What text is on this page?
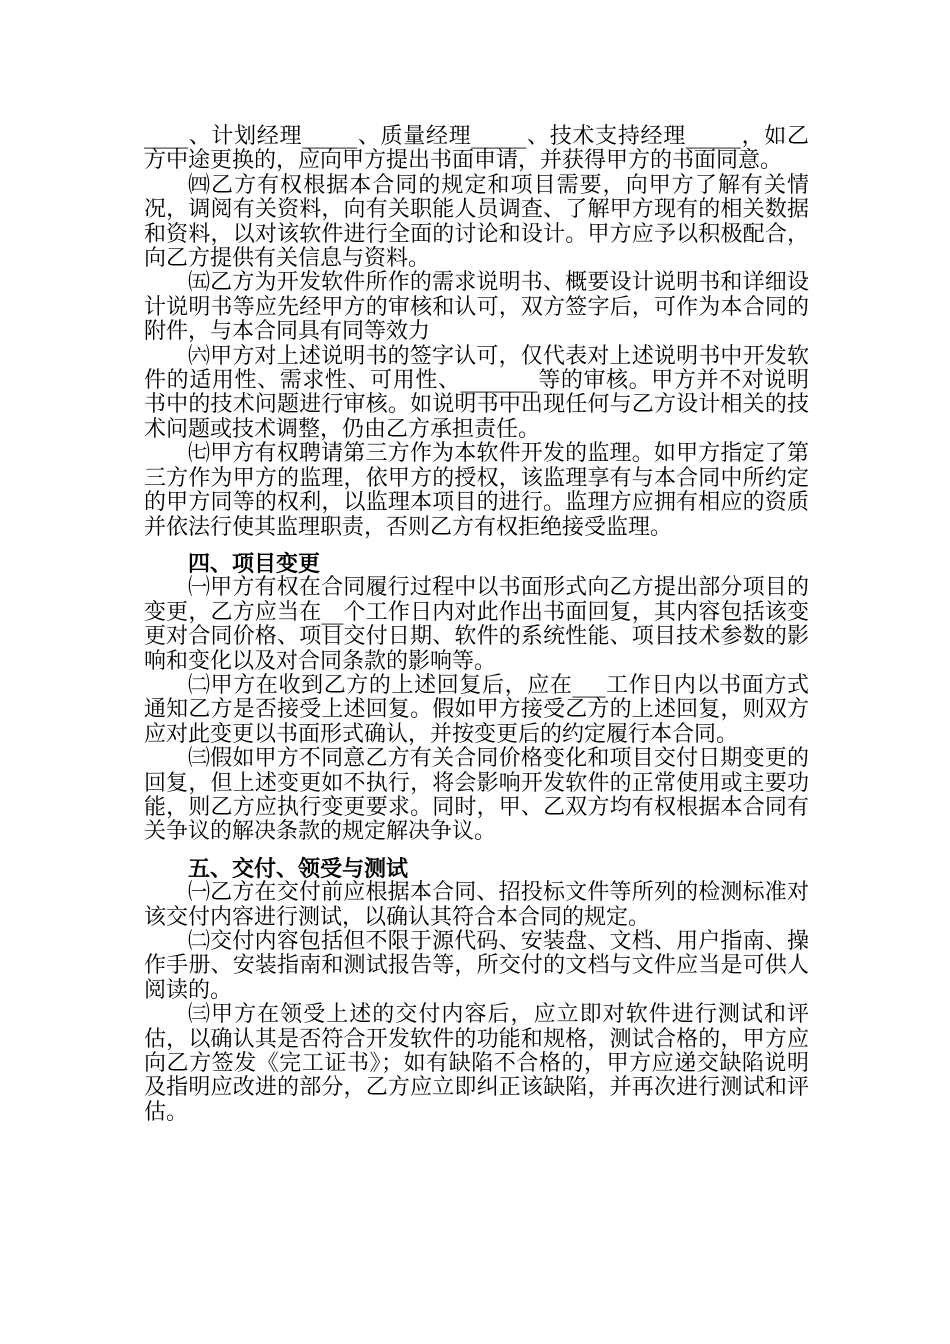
____、计划经理_____、质量经理_____、技术支持经理_____，如乙方中途更换的，应向甲方提出书面申请，并获得甲方的书面同意。

㈣乙方有权根据本合同的规定和项目需要，向甲方了解有关情况，调阅有关资料，向有关职能人员调查、了解甲方现有的相关数据和资料，以对该软件进行全面的讨论和设计。甲方应予以积极配合，向乙方提供有关信息与资料。

㈤乙方为开发软件所作的需求说明书、概要设计说明书和详细设计说明书等应先经甲方的审核和认可，双方签字后，可作为本合同的附件，与本合同具有同等效力

㈥甲方对上述说明书的签字认可，仅代表对上述说明书中开发软件的适用性、需求性、可用性、_______等的审核。甲方并不对说明书中的技术问题进行审核。如说明书中出现任何与乙方设计相关的技术问题或技术调整，仍由乙方承担责任。

㈦甲方有权聘请第三方作为本软件开发的监理。如甲方指定了第三方作为甲方的监理，依甲方的授权，该监理享有与本合同中所约定的甲方同等的权利，以监理本项目的进行。监理方应拥有相应的资质并依法行使其监理职责，否则乙方有权拒绝接受监理。

四、项目变更

㈠甲方有权在合同履行过程中以书面形式向乙方提出部分项目的变更，乙方应当在__个工作日内对此作出书面回复，其内容包括该变更对合同价格、项目交付日期、软件的系统性能、项目技术参数的影响和变化以及对合同条款的影响等。

㈡甲方在收到乙方的上述回复后，应在___工作日内以书面方式通知乙方是否接受上述回复。假如甲方接受乙方的上述回复，则双方应对此变更以书面形式确认，并按变更后的约定履行本合同。

㈢假如甲方不同意乙方有关合同价格变化和项目交付日期变更的回复，但上述变更如不执行，将会影响开发软件的正常使用或主要功能，则乙方应执行变更要求。同时，甲、乙双方均有权根据本合同有关争议的解决条款的规定解决争议。

五、交付、领受与测试

㈠乙方在交付前应根据本合同、招投标文件等所列的检测标准对该交付内容进行测试，以确认其符合本合同的规定。

㈡交付内容包括但不限于源代码、安装盘、文档、用户指南、操作手册、安装指南和测试报告等，所交付的文档与文件应当是可供人阅读的。

㈢甲方在领受上述的交付内容后，应立即对软件进行测试和评估，以确认其是否符合开发软件的功能和规格，测试合格的，甲方应向乙方签发《完工证书》；如有缺陷不合格的，甲方应递交缺陷说明及指明应改进的部分，乙方应立即纠正该缺陷，并再次进行测试和评估。
